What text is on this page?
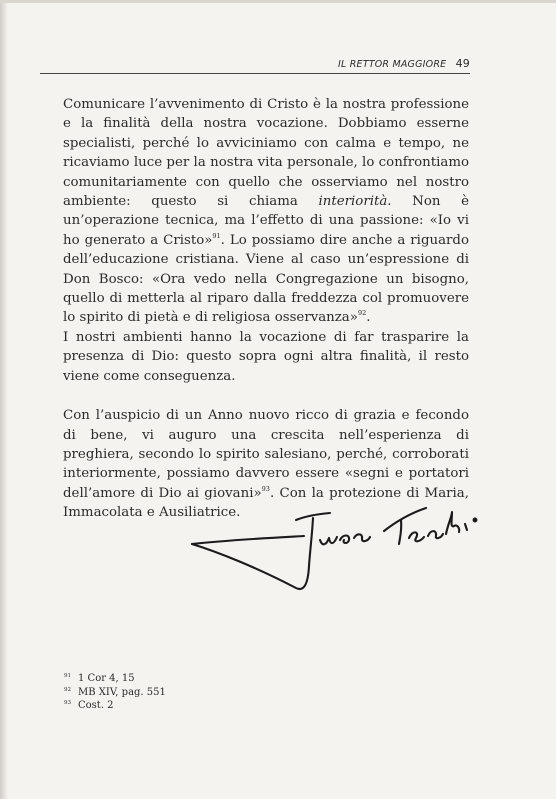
IL RETTOR MAGGIORE 49

Comunicare l’avvenimento di Cristo è la nostra professione e la finalità della nostra vocazione. Dobbiamo esserne specialisti, perché lo avviciniamo con calma e tempo, ne ricaviamo luce per la nostra vita personale, lo confrontiamo comunitariamente con quello che osserviamo nel nostro ambiente: questo si chiama interiorità. Non è un’operazione tecnica, ma l’effetto di una passione: «Io vi ho generato a Cristo»$^{91}$. Lo possiamo dire anche a riguardo dell’educazione cristiana. Viene al caso un’espressione di Don Bosco: «Ora vedo nella Congregazione un bisogno, quello di metterla al riparo dalla freddezza col promuovere lo spirito di pietà e di religiosa osservanza»$^{92}$.

I nostri ambienti hanno la vocazione di far trasparire la presenza di Dio: questo sopra ogni altra finalità, il resto viene come conseguenza.

Con l’auspicio di un Anno nuovo ricco di grazia e fecondo di bene, vi auguro una crescita nell’esperienza di preghiera, secondo lo spirito salesiano, perché, corroborati interiormente, possiamo davvero essere «segni e portatori dell’amore di Dio ai giovani»$^{93}$. Con la protezione di Maria, Immacolata e Ausiliatrice.

$^{91}$ 1 Cor 4, 15
$^{92}$ MB XIV, pag. 551
$^{93}$ Cost. 2
